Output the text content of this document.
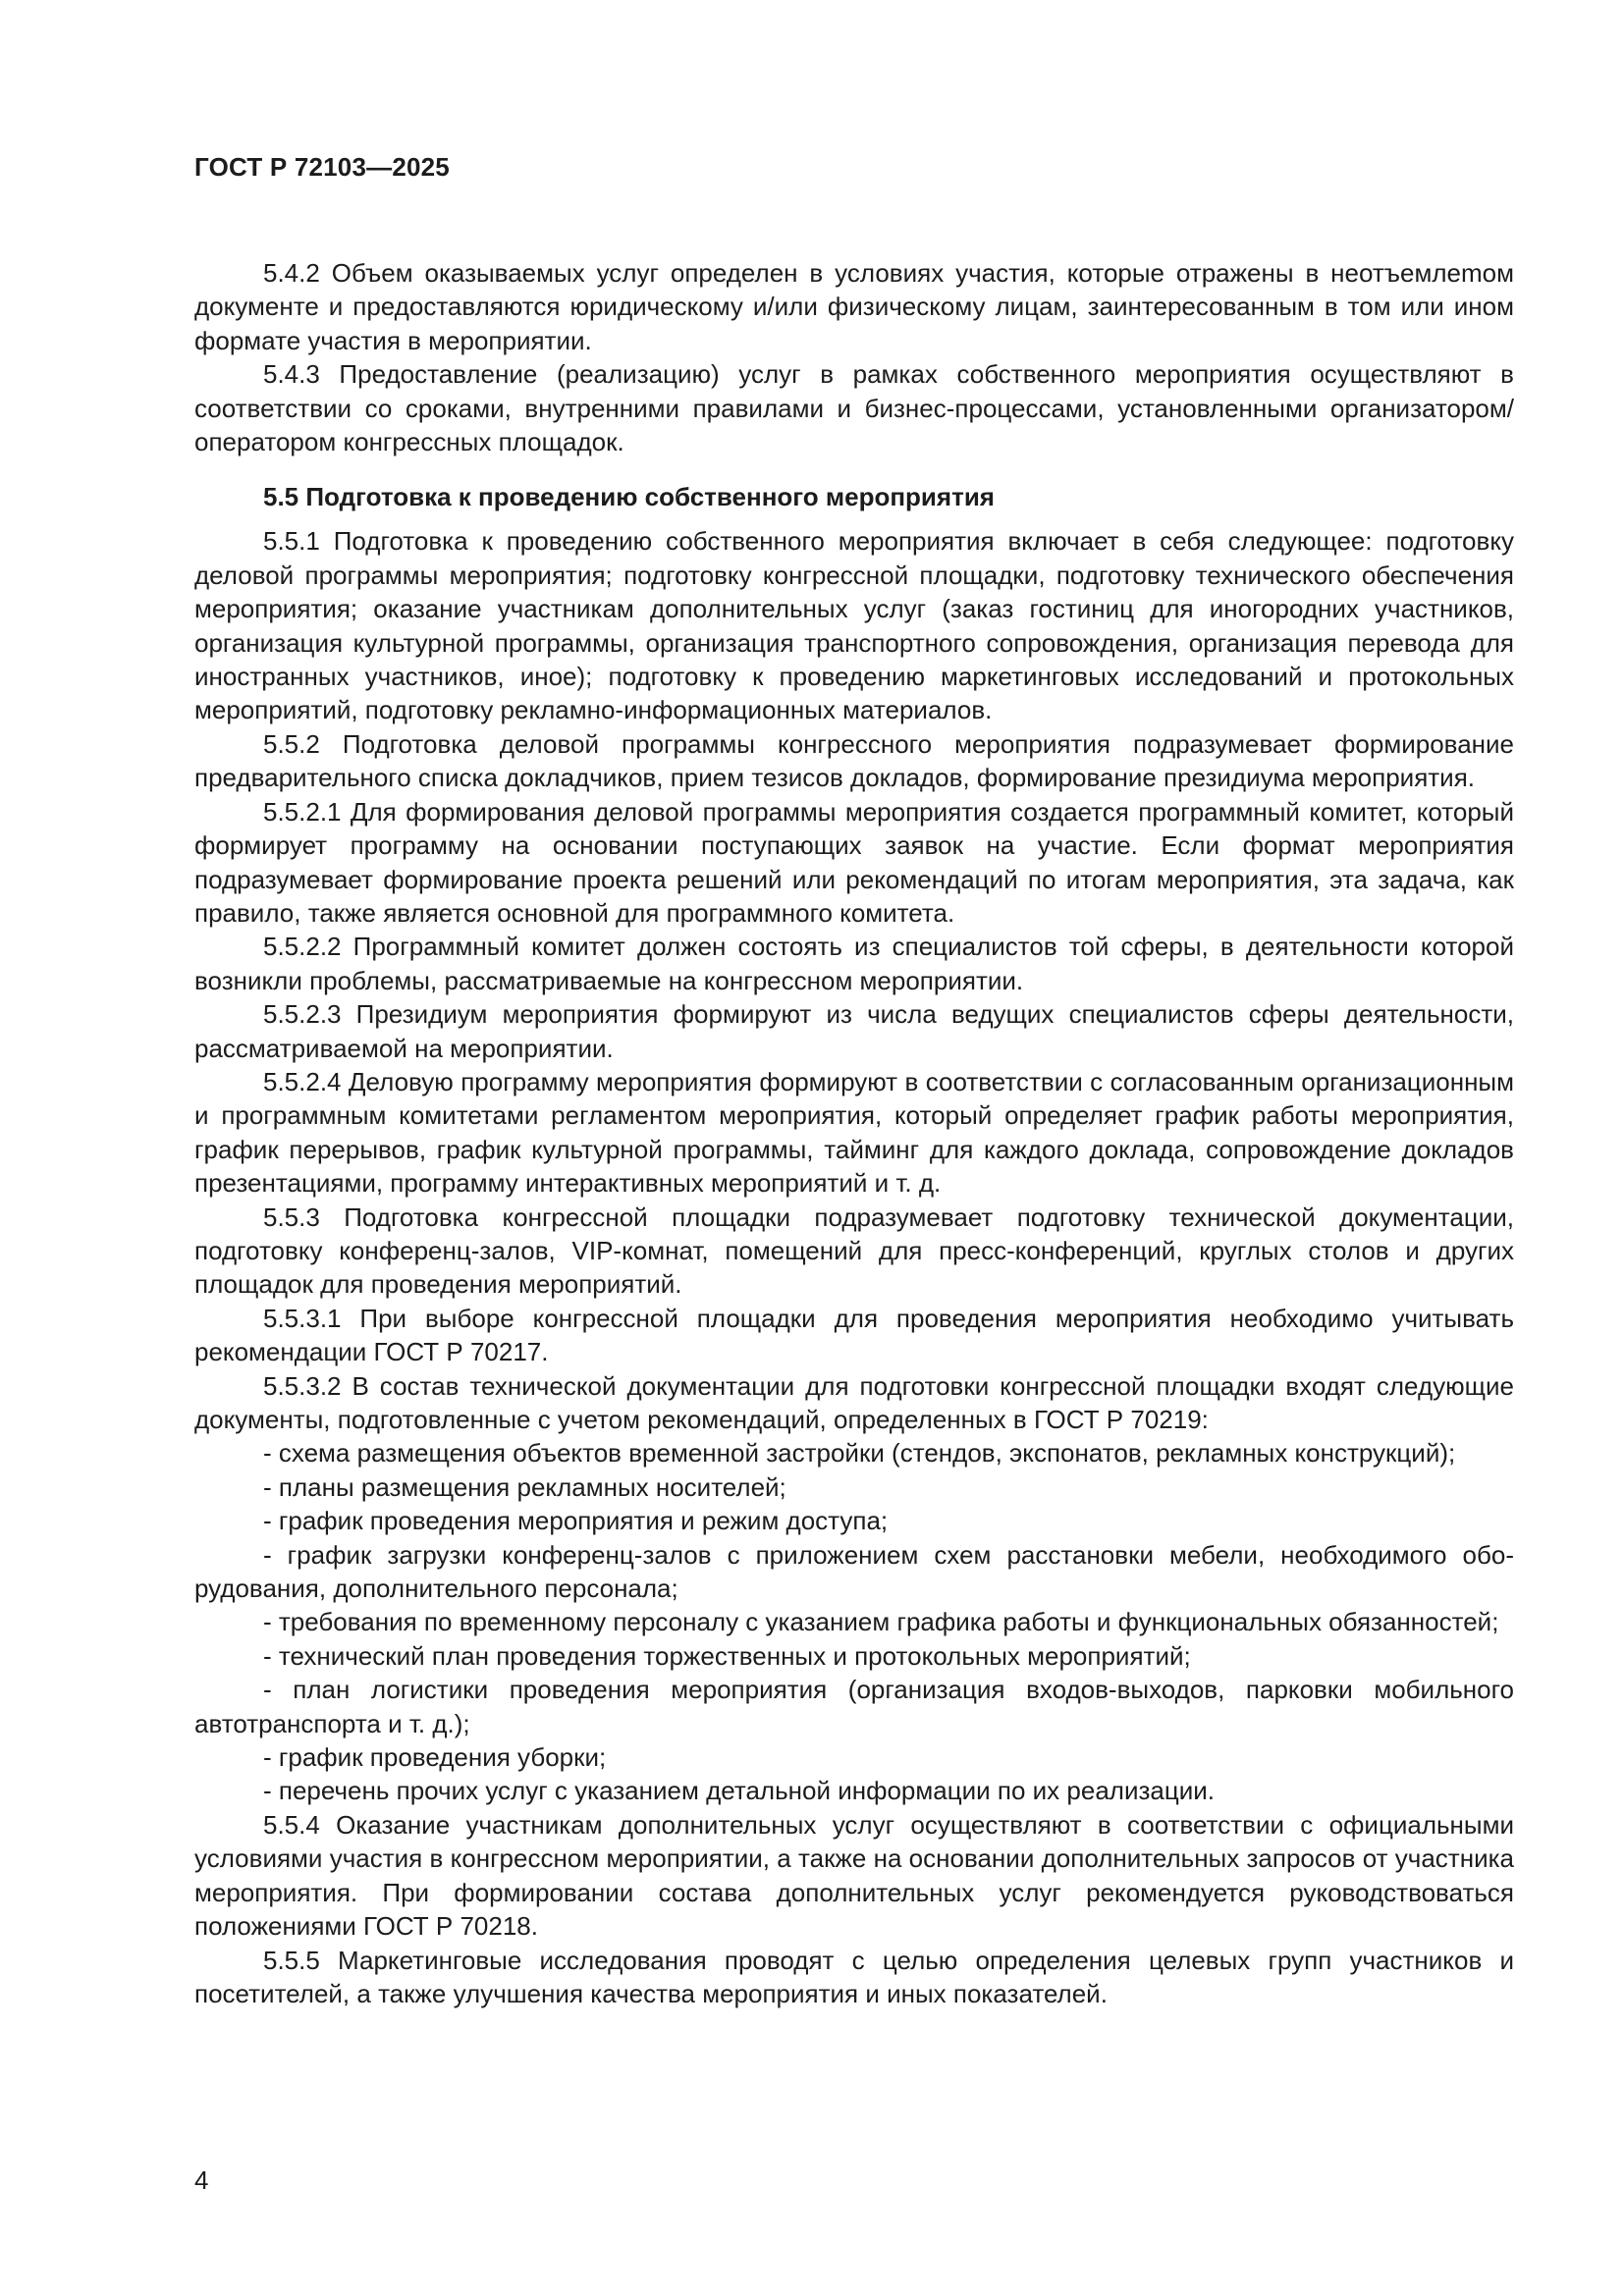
ГОСТ Р 72103—2025

5.4.2 Объем оказываемых услуг определен в условиях участия, которые отражены в неотъемлеmом документе и предоставляются юридическому и/или физическому лицам, заинтересованным в том или ином формате участия в мероприятии.

5.4.3 Предоставление (реализацию) услуг в рамках собственного мероприятия осуществляют в соответствии со сроками, внутренними правилами и бизнес-процессами, установленными организатором/оператором конгрессных площадок.

5.5 Подготовка к проведению собственного мероприятия

5.5.1 Подготовка к проведению собственного мероприятия включает в себя следующее: подготовку деловой программы мероприятия; подготовку конгрессной площадки, подготовку технического обеспечения мероприятия; оказание участникам дополнительных услуг (заказ гостиниц для иногородних участников, организация культурной программы, организация транспортного сопровождения, организация перевода для иностранных участников, иное); подготовку к проведению маркетинговых исследований и протокольных мероприятий, подготовку рекламно-информационных материалов.

5.5.2 Подготовка деловой программы конгрессного мероприятия подразумевает формирование предварительного списка докладчиков, прием тезисов докладов, формирование президиума мероприятия.

5.5.2.1 Для формирования деловой программы мероприятия создается программный комитет, который формирует программу на основании поступающих заявок на участие. Если формат мероприятия подразумевает формирование проекта решений или рекомендаций по итогам мероприятия, эта задача, как правило, также является основной для программного комитета.

5.5.2.2 Программный комитет должен состоять из специалистов той сферы, в деятельности которой возникли проблемы, рассматриваемые на конгрессном мероприятии.

5.5.2.3 Президиум мероприятия формируют из числа ведущих специалистов сферы деятельности, рассматриваемой на мероприятии.

5.5.2.4 Деловую программу мероприятия формируют в соответствии с согласованным организационным и программным комитетами регламентом мероприятия, который определяет график работы мероприятия, график перерывов, график культурной программы, тайминг для каждого доклада, сопровождение докладов презентациями, программу интерактивных мероприятий и т. д.

5.5.3 Подготовка конгрессной площадки подразумевает подготовку технической документации, подготовку конференц-залов, VIP-комнат, помещений для пресс-конференций, круглых столов и других площадок для проведения мероприятий.

5.5.3.1 При выборе конгрессной площадки для проведения мероприятия необходимо учитывать рекомендации ГОСТ Р 70217.

5.5.3.2 В состав технической документации для подготовки конгрессной площадки входят следующие документы, подготовленные с учетом рекомендаций, определенных в ГОСТ Р 70219:

- схема размещения объектов временной застройки (стендов, экспонатов, рекламных конструкций);

- планы размещения рекламных носителей;

- график проведения мероприятия и режим доступа;

- график загрузки конференц-залов с приложением схем расстановки мебели, необходимого оборудования, дополнительного персонала;

- требования по временному персоналу с указанием графика работы и функциональных обязанностей;

- технический план проведения торжественных и протокольных мероприятий;

- план логистики проведения мероприятия (организация входов-выходов, парковки мобильного автотранспорта и т. д.);

- график проведения уборки;

- перечень прочих услуг с указанием детальной информации по их реализации.

5.5.4 Оказание участникам дополнительных услуг осуществляют в соответствии с официальными условиями участия в конгрессном мероприятии, а также на основании дополнительных запросов от участника мероприятия. При формировании состава дополнительных услуг рекомендуется руководствоваться положениями ГОСТ Р 70218.

5.5.5 Маркетинговые исследования проводят с целью определения целевых групп участников и посетителей, а также улучшения качества мероприятия и иных показателей.

4
